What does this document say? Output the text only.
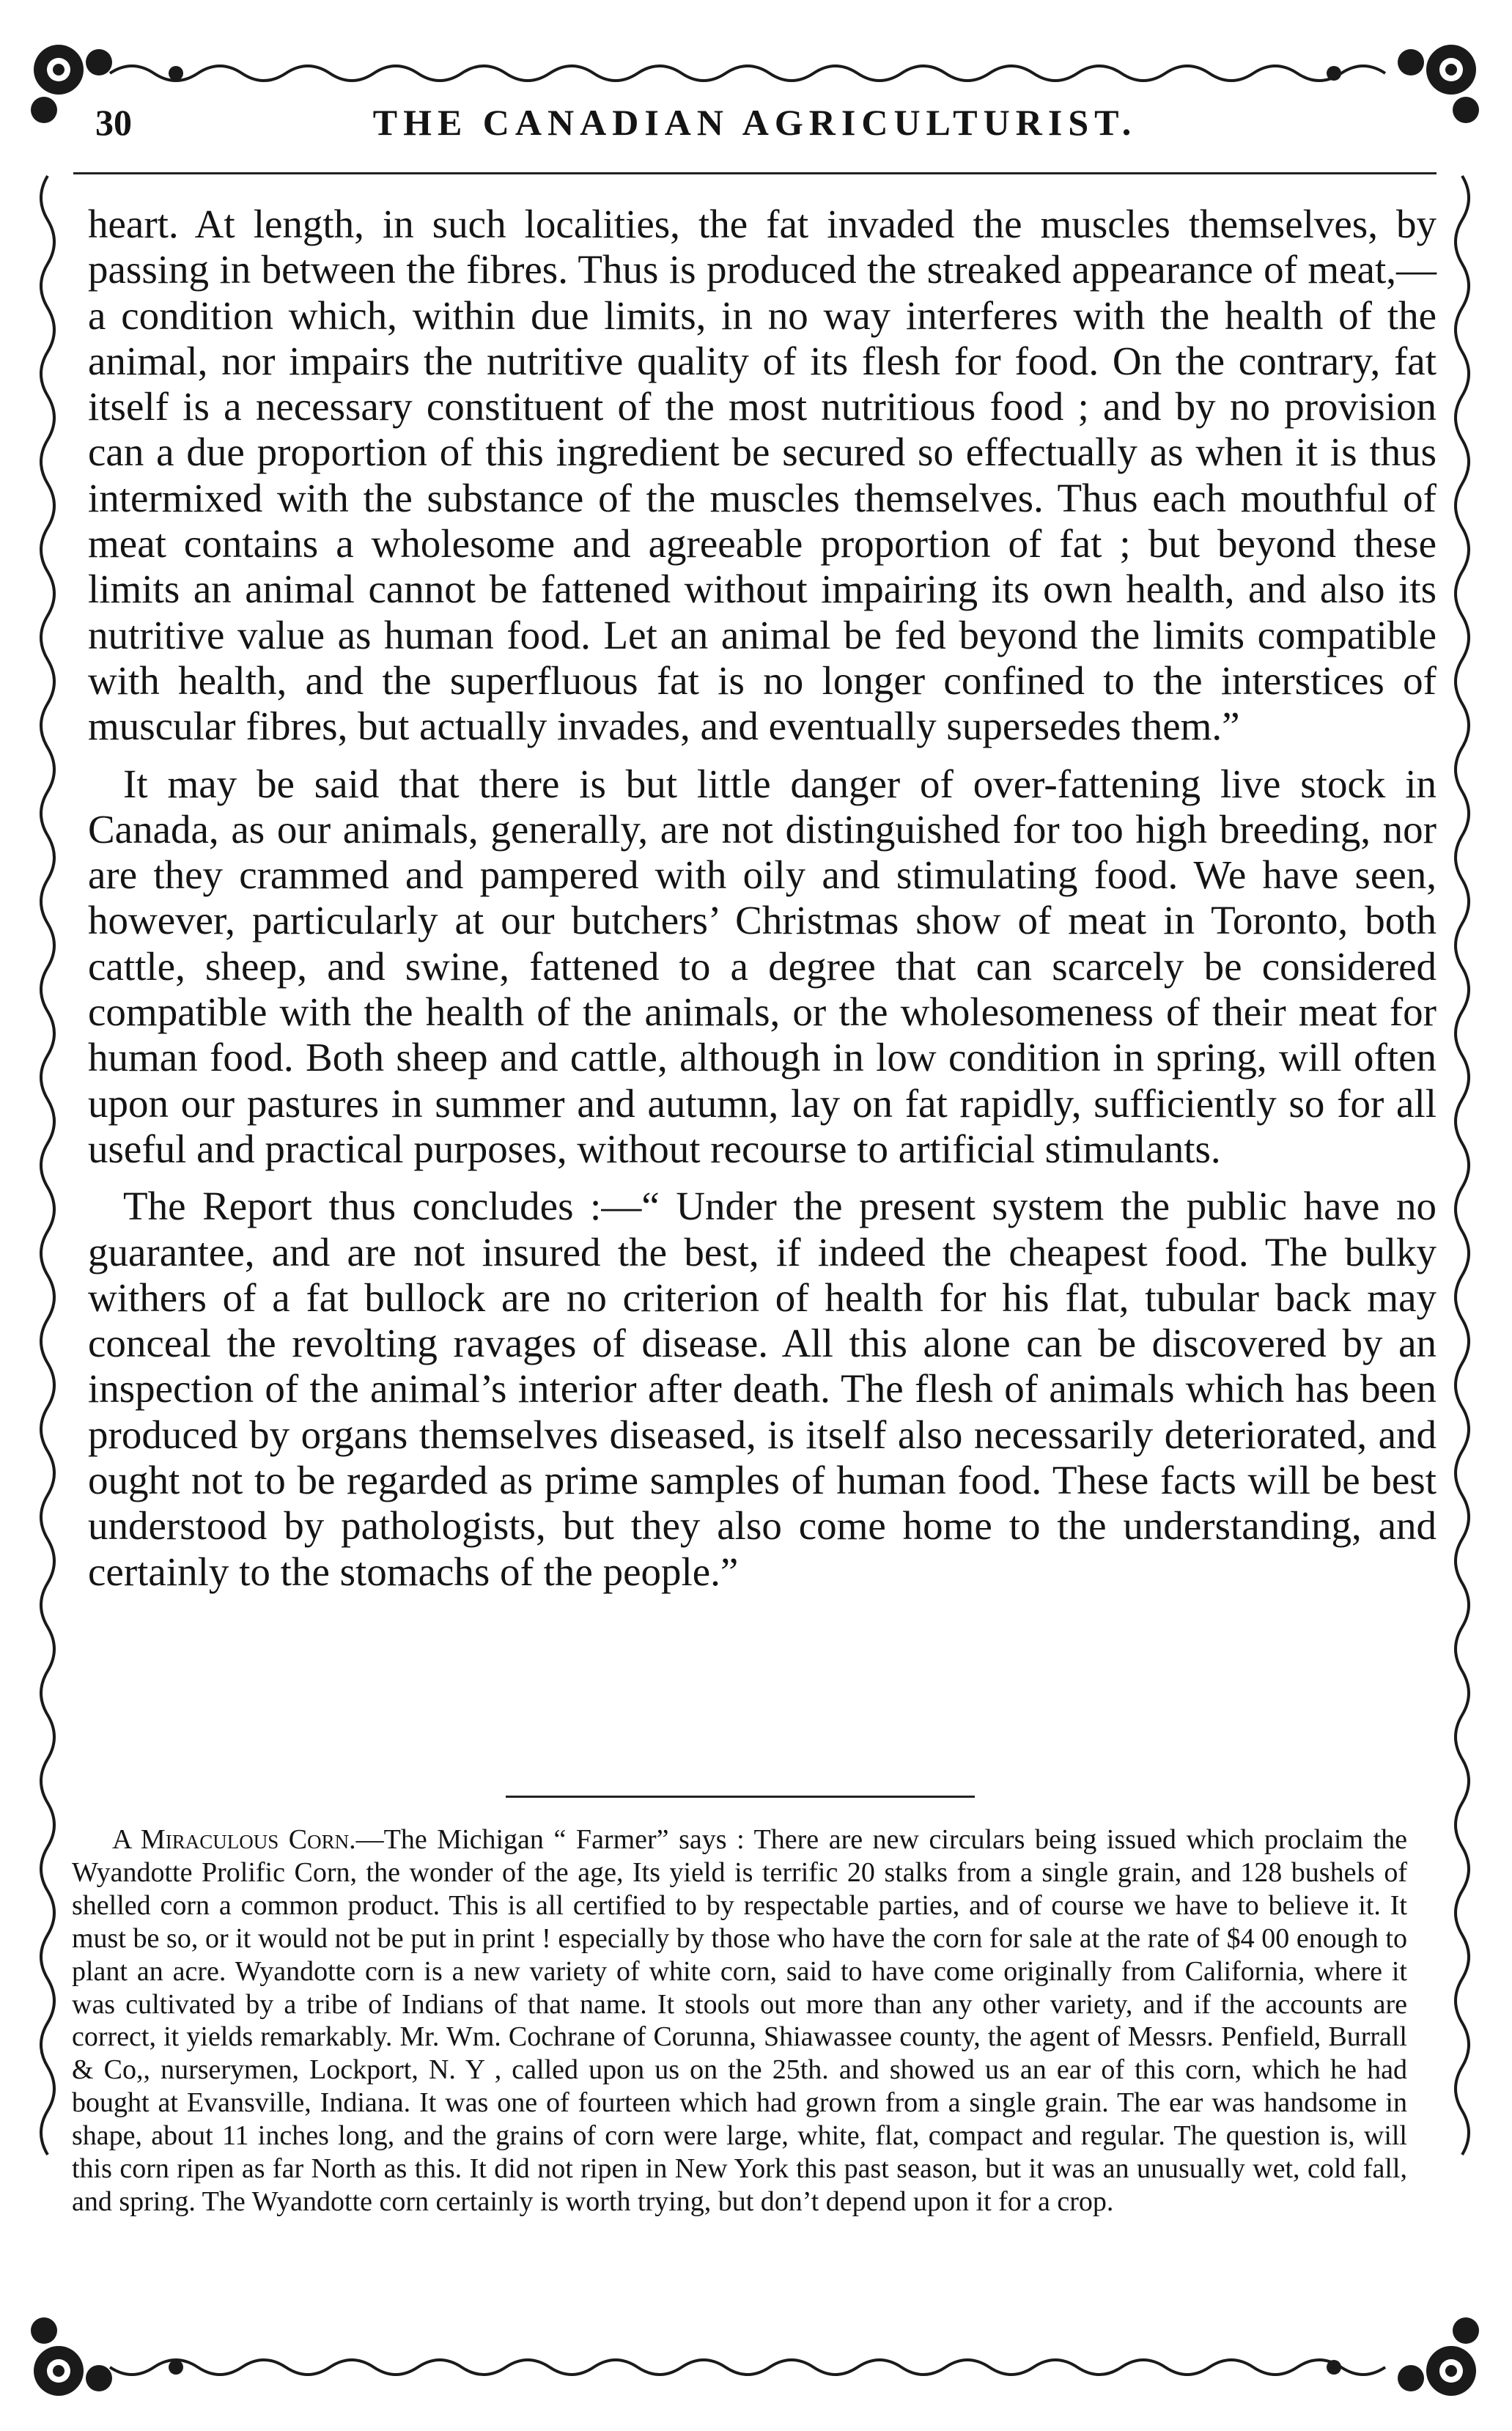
30	THE CANADIAN AGRICULTURIST.

heart. At length, in such localities, the fat invaded the muscles themselves, by passing in between the fibres. Thus is produced the streaked appearance of meat,—a condition which, within due limits, in no way interferes with the health of the animal, nor impairs the nutritive quality of its flesh for food. On the contrary, fat itself is a necessary constituent of the most nutritious food ; and by no provision can a due proportion of this ingredient be secured so effectually as when it is thus intermixed with the substance of the muscles themselves. Thus each mouthful of meat contains a wholesome and agreeable proportion of fat ; but beyond these limits an animal cannot be fattened without impairing its own health, and also its nutritive value as human food. Let an animal be fed beyond the limits compatible with health, and the superfluous fat is no longer confined to the interstices of muscular fibres, but actually invades, and eventually supersedes them.”

It may be said that there is but little danger of over-fattening live stock in Canada, as our animals, generally, are not distinguished for too high breeding, nor are they crammed and pampered with oily and stimulating food. We have seen, however, particularly at our butchers’ Christmas show of meat in Toronto, both cattle, sheep, and swine, fattened to a degree that can scarcely be considered compatible with the health of the animals, or the wholesomeness of their meat for human food. Both sheep and cattle, although in low condition in spring, will often upon our pastures in summer and autumn, lay on fat rapidly, sufficiently so for all useful and practical purposes, without recourse to artificial stimulants.

The Report thus concludes :—“ Under the present system the public have no guarantee, and are not insured the best, if indeed the cheapest food. The bulky withers of a fat bullock are no criterion of health for his flat, tubular back may conceal the revolting ravages of disease. All this alone can be discovered by an inspection of the animal’s interior after death. The flesh of animals which has been produced by organs themselves diseased, is itself also necessarily deteriorated, and ought not to be regarded as prime samples of human food. These facts will be best understood by pathologists, but they also come home to the understanding, and certainly to the stomachs of the people.”

A Miraculous Corn.—The Michigan “ Farmer” says : There are new circulars being issued which proclaim the Wyandotte Prolific Corn, the wonder of the age, Its yield is terrific 20 stalks from a single grain, and 128 bushels of shelled corn a common product. This is all certified to by respectable parties, and of course we have to believe it. It must be so, or it would not be put in print ! especially by those who have the corn for sale at the rate of $4 00 enough to plant an acre. Wyandotte corn is a new variety of white corn, said to have come originally from California, where it was cultivated by a tribe of Indians of that name. It stools out more than any other variety, and if the accounts are correct, it yields remarkably. Mr. Wm. Cochrane of Corunna, Shiawassee county, the agent of Messrs. Penfield, Burrall & Co,, nurserymen, Lockport, N. Y , called upon us on the 25th. and showed us an ear of this corn, which he had bought at Evansville, Indiana. It was one of fourteen which had grown from a single grain. The ear was handsome in shape, about 11 inches long, and the grains of corn were large, white, flat, compact and regular. The question is, will this corn ripen as far North as this. It did not ripen in New York this past season, but it was an unusually wet, cold fall, and spring. The Wyandotte corn certainly is worth trying, but don’t depend upon it for a crop.
